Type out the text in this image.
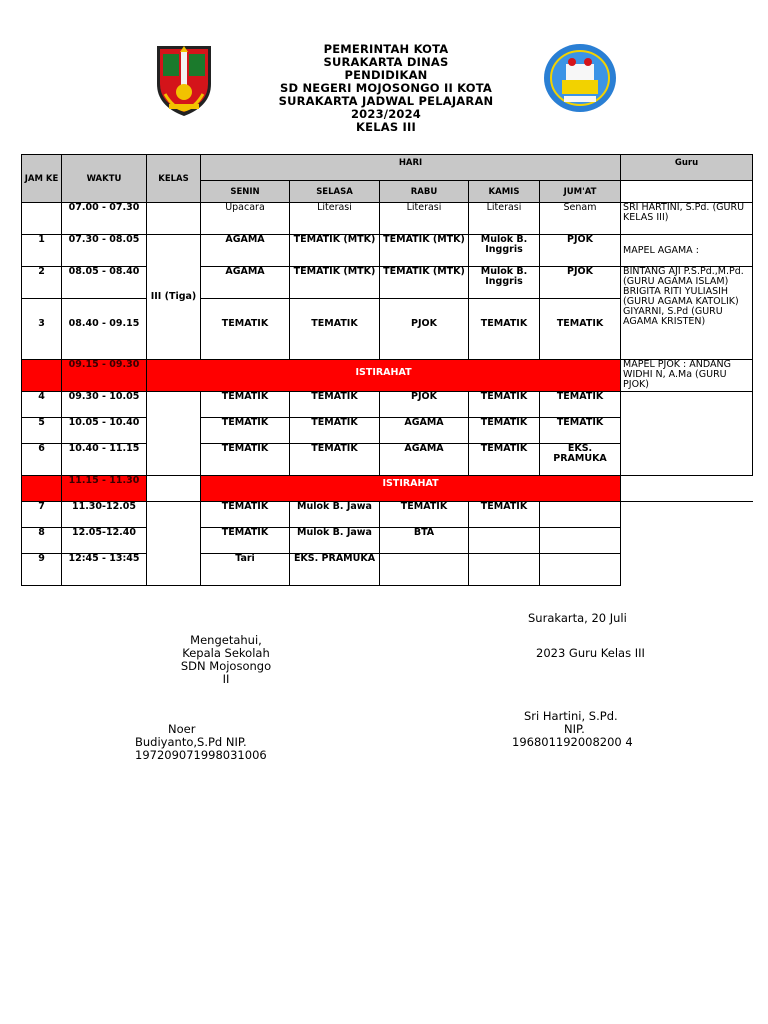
PEMERINTAH KOTA
SURAKARTA DINAS
PENDIDIKAN
SD NEGERI MOJOSONGO II KOTA
SURAKARTA JADWAL PELAJARAN
2023/2024
KELAS III
JAM KE	WAKTU	KELAS	HARI					Guru
			SENIN	SELASA	RABU	KAMIS	JUM'AT	
	07.00 - 07.30		Upacara	Literasi	Literasi	Literasi	Senam	SRI HARTINI, S.Pd. (GURU KELAS III)
1	07.30 - 08.05	III (Tiga)	AGAMA	TEMATIK (MTK)	TEMATIK (MTK)	Mulok B. Inggris	PJOK	MAPEL AGAMA :
2	08.05 - 08.40		AGAMA	TEMATIK (MTK)	TEMATIK (MTK)	Mulok B. Inggris	PJOK	BINTANG AJI P.S.Pd.,M.Pd. (GURU AGAMA ISLAM) BRIGITA RITI YULIASIH (GURU AGAMA KATOLIK) GIYARNI, S.Pd (GURU AGAMA KRISTEN)
3	08.40 - 09.15		TEMATIK	TEMATIK	PJOK	TEMATIK	TEMATIK	
	09.15 - 09.30	ISTIRAHAT						MAPEL PJOK : ANDANG WIDHI N, A.Ma (GURU PJOK)
4	09.30 - 10.05		TEMATIK	TEMATIK	PJOK	TEMATIK	TEMATIK	
5	10.05 - 10.40		TEMATIK	TEMATIK	AGAMA	TEMATIK	TEMATIK	
6	10.40 - 11.15		TEMATIK	TEMATIK	AGAMA	TEMATIK	EKS. PRAMUKA	
	11.15 - 11.30		ISTIRAHAT					
7	11.30-12.05		TEMATIK	Mulok B. Jawa	TEMATIK	TEMATIK		
8	12.05-12.40		TEMATIK	Mulok B. Jawa	BTA			
9	12:45 - 13:45		Tari	EKS. PRAMUKA				
Surakarta, 20 Juli
2023 Guru Kelas III
Mengetahui,
Kepala Sekolah
SDN Mojosongo
II
Noer
Budiyanto,S.Pd NIP.
197209071998031006
Sri Hartini, S.Pd.
NIP.
196801192008200 4
